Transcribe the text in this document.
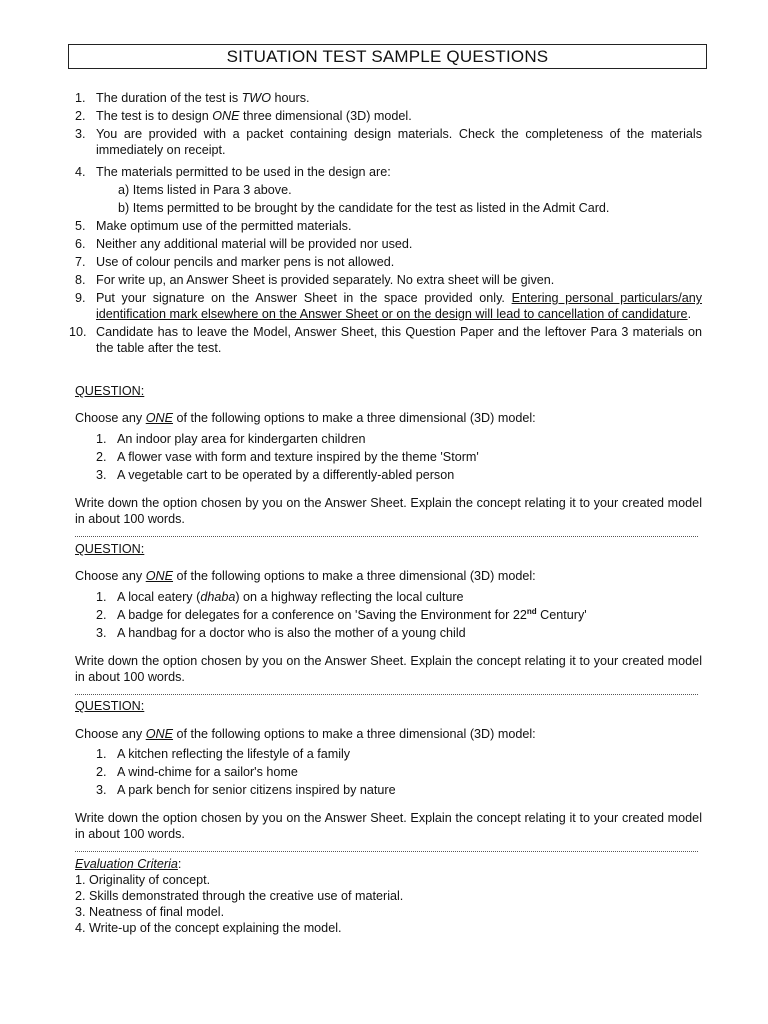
SITUATION TEST SAMPLE QUESTIONS
1. The duration of the test is TWO hours.
2. The test is to design ONE three dimensional (3D) model.
3. You are provided with a packet containing design materials. Check the completeness of the materials immediately on receipt.
4. The materials permitted to be used in the design are:
a) Items listed in Para 3 above.
b) Items permitted to be brought by the candidate for the test as listed in the Admit Card.
5. Make optimum use of the permitted materials.
6. Neither any additional material will be provided nor used.
7. Use of colour pencils and marker pens is not allowed.
8. For write up, an Answer Sheet is provided separately. No extra sheet will be given.
9. Put your signature on the Answer Sheet in the space provided only. Entering personal particulars/any identification mark elsewhere on the Answer Sheet or on the design will lead to cancellation of candidature.
10. Candidate has to leave the Model, Answer Sheet, this Question Paper and the leftover Para 3 materials on the table after the test.
QUESTION:
Choose any ONE of the following options to make a three dimensional (3D) model:
1. An indoor play area for kindergarten children
2. A flower vase with form and texture inspired by the theme 'Storm'
3. A vegetable cart to be operated by a differently-abled person
Write down the option chosen by you on the Answer Sheet. Explain the concept relating it to your created model in about 100 words.
QUESTION:
Choose any ONE of the following options to make a three dimensional (3D) model:
1. A local eatery (dhaba) on a highway reflecting the local culture
2. A badge for delegates for a conference on 'Saving the Environment for 22nd Century'
3. A handbag for a doctor who is also the mother of a young child
Write down the option chosen by you on the Answer Sheet. Explain the concept relating it to your created model in about 100 words.
QUESTION:
Choose any ONE of the following options to make a three dimensional (3D) model:
1. A kitchen reflecting the lifestyle of a family
2. A wind-chime for a sailor's home
3. A park bench for senior citizens inspired by nature
Write down the option chosen by you on the Answer Sheet. Explain the concept relating it to your created model in about 100 words.
Evaluation Criteria:
1. Originality of concept.
2. Skills demonstrated through the creative use of material.
3. Neatness of final model.
4. Write-up of the concept explaining the model.
